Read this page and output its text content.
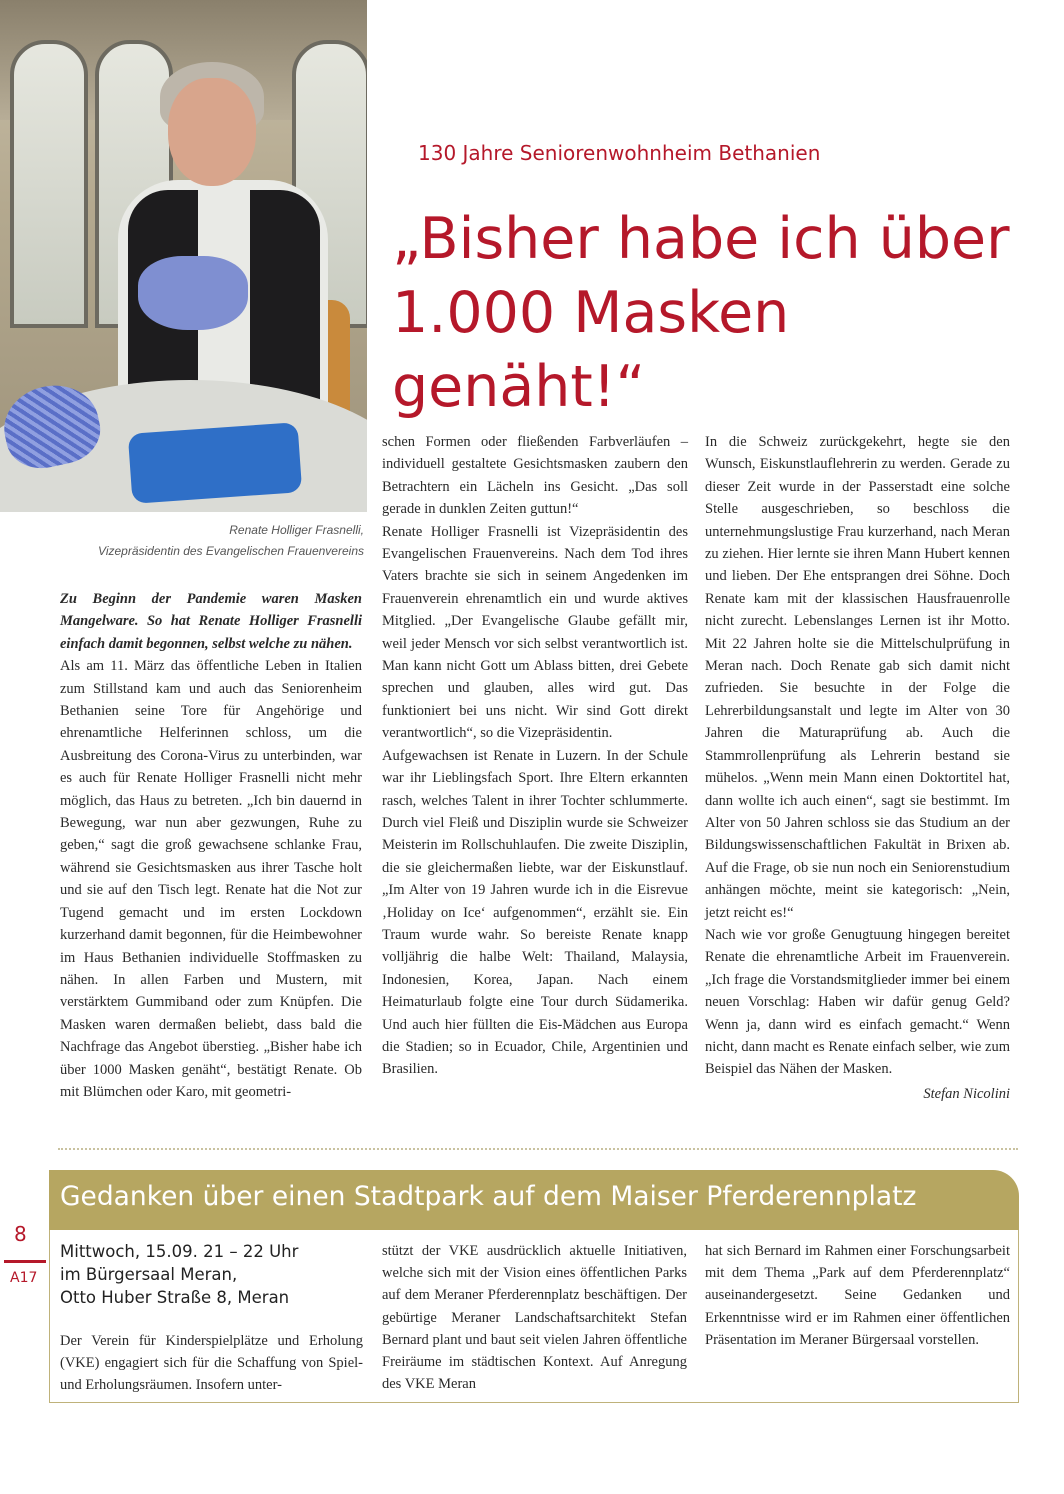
Renate Holliger Frasnelli,
Vizepräsidentin des Evangelischen Frauenvereins
130 Jahre Seniorenwohnheim Bethanien
„Bisher habe ich über
1.000 Masken genäht!“

Zu Beginn der Pandemie waren Masken Mangelware. So hat Renate Holliger Frasnelli einfach damit begonnen, selbst welche zu nähen.

Als am 11. März das öffentliche Leben in Italien zum Stillstand kam und auch das Seniorenheim Bethanien seine Tore für Angehörige und ehrenamtliche Helferinnen schloss, um die Ausbreitung des Corona-Virus zu unterbinden, war es auch für Renate Holliger Frasnelli nicht mehr möglich, das Haus zu betreten. „Ich bin dauernd in Bewegung, war nun aber gezwungen, Ruhe zu geben,“ sagt die groß gewachsene schlanke Frau, während sie Gesichtsmasken aus ihrer Tasche holt und sie auf den Tisch legt. Renate hat die Not zur Tugend gemacht und im ersten Lockdown kurzerhand damit begonnen, für die Heimbewohner im Haus Bethanien individuelle Stoffmasken zu nähen. In allen Farben und Mustern, mit verstärktem Gummiband oder zum Knüpfen. Die Masken waren dermaßen beliebt, dass bald die Nachfrage das Angebot überstieg. „Bisher habe ich über 1000 Masken genäht“, bestätigt Renate. Ob mit Blümchen oder Karo, mit geometri-

schen Formen oder fließenden Farbverläufen – individuell gestaltete Gesichtsmasken zaubern den Betrachtern ein Lächeln ins Gesicht. „Das soll gerade in dunklen Zeiten guttun!“

Renate Holliger Frasnelli ist Vizepräsidentin des Evangelischen Frauenvereins. Nach dem Tod ihres Vaters brachte sie sich in seinem Angedenken im Frauenverein ehrenamtlich ein und wurde aktives Mitglied. „Der Evangelische Glaube gefällt mir, weil jeder Mensch vor sich selbst verantwortlich ist. Man kann nicht Gott um Ablass bitten, drei Gebete sprechen und glauben, alles wird gut. Das funktioniert bei uns nicht. Wir sind Gott direkt verantwortlich“, so die Vizepräsidentin.

Aufgewachsen ist Renate in Luzern. In der Schule war ihr Lieblingsfach Sport. Ihre Eltern erkannten rasch, welches Talent in ihrer Tochter schlummerte. Durch viel Fleiß und Disziplin wurde sie Schweizer Meisterin im Rollschuhlaufen. Die zweite Disziplin, die sie gleichermaßen liebte, war der Eiskunstlauf. „Im Alter von 19 Jahren wurde ich in die Eisrevue ‚Holiday on Ice‘ aufgenommen“, erzählt sie. Ein Traum wurde wahr. So bereiste Renate knapp volljährig die halbe Welt: Thailand, Malaysia, Indonesien, Korea, Japan. Nach einem Heimaturlaub folgte eine Tour durch Südamerika. Und auch hier füllten die Eis-Mädchen aus Europa die Stadien; so in Ecuador, Chile, Argentinien und Brasilien.

In die Schweiz zurückgekehrt, hegte sie den Wunsch, Eiskunstlauflehrerin zu werden. Gerade zu dieser Zeit wurde in der Passerstadt eine solche Stelle ausgeschrieben, so beschloss die unternehmungslustige Frau kurzerhand, nach Meran zu ziehen. Hier lernte sie ihren Mann Hubert kennen und lieben. Der Ehe entsprangen drei Söhne. Doch Renate kam mit der klassischen Hausfrauenrolle nicht zurecht. Lebenslanges Lernen ist ihr Motto. Mit 22 Jahren holte sie die Mittelschulprüfung in Meran nach. Doch Renate gab sich damit nicht zufrieden. Sie besuchte in der Folge die Lehrerbildungsanstalt und legte im Alter von 30 Jahren die Maturaprüfung ab. Auch die Stammrollenprüfung als Lehrerin bestand sie mühelos. „Wenn mein Mann einen Doktortitel hat, dann wollte ich auch einen“, sagt sie bestimmt. Im Alter von 50 Jahren schloss sie das Studium an der Bildungswissenschaftlichen Fakultät in Brixen ab. Auf die Frage, ob sie nun noch ein Seniorenstudium anhängen möchte, meint sie kategorisch: „Nein, jetzt reicht es!“

Nach wie vor große Genugtuung hingegen bereitet Renate die ehrenamtliche Arbeit im Frauenverein. „Ich frage die Vorstandsmitglieder immer bei einem neuen Vorschlag: Haben wir dafür genug Geld? Wenn ja, dann wird es einfach gemacht.“ Wenn nicht, dann macht es Renate einfach selber, wie zum Beispiel das Nähen der Masken.

Stefan Nicolini

Gedanken über einen Stadtpark auf dem Maiser Pferderennplatz
8
A17
Mittwoch, 15.09. 21 – 22 Uhr
im Bürgersaal Meran,
Otto Huber Straße 8, Meran

Der Verein für Kinderspielplätze und Erholung (VKE) engagiert sich für die Schaffung von Spiel- und Erholungsräumen. Insofern unter-

stützt der VKE ausdrücklich aktuelle Initiativen, welche sich mit der Vision eines öffentlichen Parks auf dem Meraner Pferderennplatz beschäftigen. Der gebürtige Meraner Landschaftsarchitekt Stefan Bernard plant und baut seit vielen Jahren öffentliche Freiräume im städtischen Kontext. Auf Anregung des VKE Meran

hat sich Bernard im Rahmen einer Forschungsarbeit mit dem Thema „Park auf dem Pferderennplatz“ auseinandergesetzt. Seine Gedanken und Erkenntnisse wird er im Rahmen einer öffentlichen Präsentation im Meraner Bürgersaal vorstellen.
